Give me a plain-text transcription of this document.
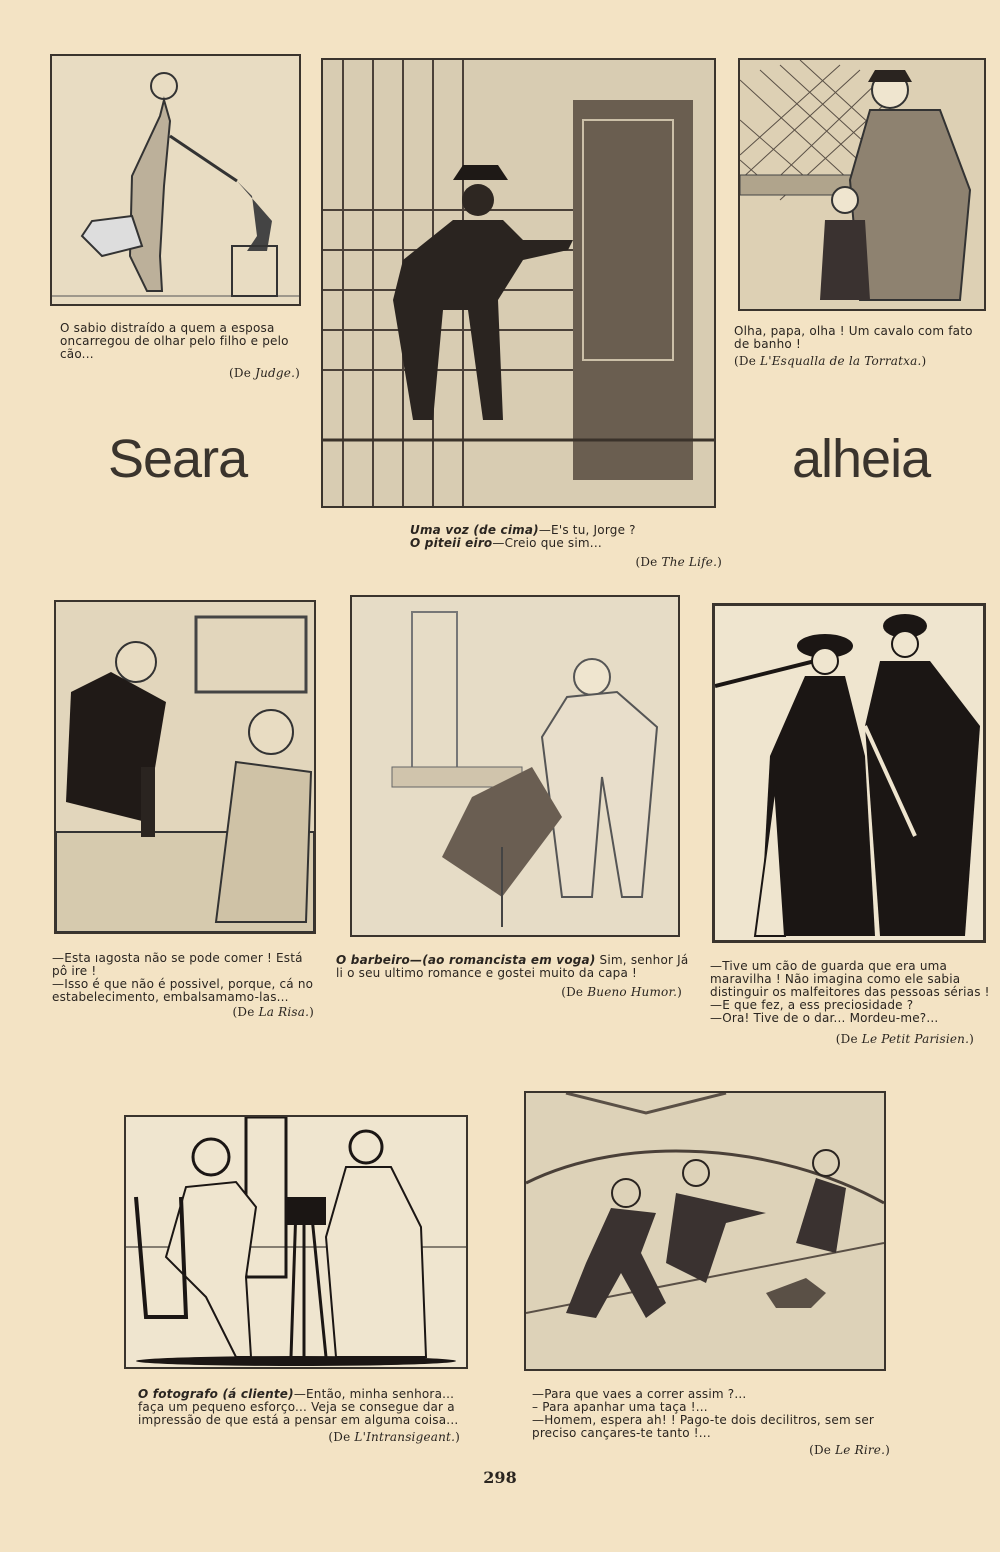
O sabio distraído a quem a esposa oncarregou de olhar pelo filho e pelo cão...

(De Judge.)

Uma voz (de cima)—E's tu, Jorge ?

O piteii eiro—Creio que sim...

(De The Life.)

Olha, papa, olha ! Um cavalo com fato de banho !

(De L'Esqualla de la Torratxa.)
Seara	alheia

—Esta ıagosta não se pode comer ! Está pô ire !

—Isso é que não é possivel, porque, cá no estabelecimento, embalsamamo-las...

(De La Risa.)

O barbeiro—(ao romancista em voga) Sim, senhor Já li o seu ultimo romance e gostei muito da capa !

(De Bueno Humor.)

—Tive um cão de guarda que era uma maravilha ! Não imagina como ele sabia distinguir os malfeitores das pessoas sérias !

—E que fez, a ess preciosidade ?

—Ora! Tive de o dar... Mordeu-me?...

(De Le Petit Parisien.)

O fotografo (á cliente)—Então, minha senhora... faça um pequeno esforço... Veja se consegue dar a impressão de que está a pensar em alguma coisa...

(De L'Intransigeant.)

—Para que vaes a correr assim ?...

– Para apanhar uma taça !...

—Homem, espera ah! ! Pago-te dois decilitros, sem ser preciso cançares-te tanto !...

(De Le Rire.)
298
